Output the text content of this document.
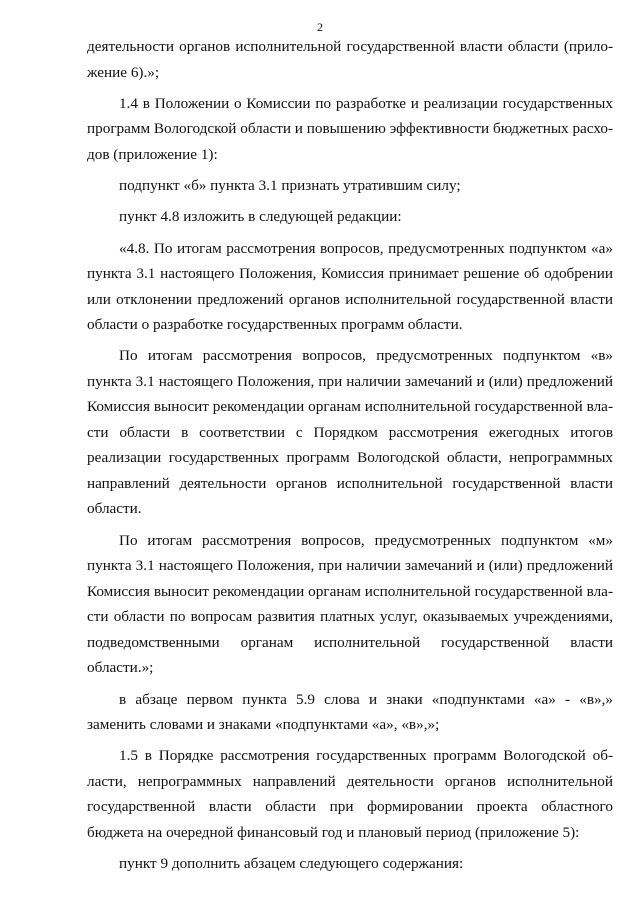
2

деятельности органов исполнительной государственной власти области (приложение 6).»;

1.4 в Положении о Комиссии по разработке и реализации государственных программ Вологодской области и повышению эффективности бюджетных расходов (приложение 1):

подпункт «б» пункта 3.1 признать утратившим силу;

пункт 4.8 изложить в следующей редакции:

«4.8. По итогам рассмотрения вопросов, предусмотренных подпунктом «а» пункта 3.1 настоящего Положения, Комиссия принимает решение об одобрении или отклонении предложений органов исполнительной государственной власти области о разработке государственных программ области.

По итогам рассмотрения вопросов, предусмотренных подпунктом «в» пункта 3.1 настоящего Положения, при наличии замечаний и (или) предложений Комиссия выносит рекомендации органам исполнительной государственной власти области в соответствии с Порядком рассмотрения ежегодных итогов реализации государственных программ Вологодской области, непрограммных направлений деятельности органов исполнительной государственной власти области.

По итогам рассмотрения вопросов, предусмотренных подпунктом «м» пункта 3.1 настоящего Положения, при наличии замечаний и (или) предложений Комиссия выносит рекомендации органам исполнительной государственной власти области по вопросам развития платных услуг, оказываемых учреждениями, подведомственными органам исполнительной государственной власти области.»;

в абзаце первом пункта 5.9 слова и знаки «подпунктами «а» - «в»,» заменить словами и знаками «подпунктами «а», «в»,»;

1.5 в Порядке рассмотрения государственных программ Вологодской области, непрограммных направлений деятельности органов исполнительной государственной власти области при формировании проекта областного бюджета на очередной финансовый год и плановый период (приложение 5):

пункт 9 дополнить абзацем следующего содержания:
